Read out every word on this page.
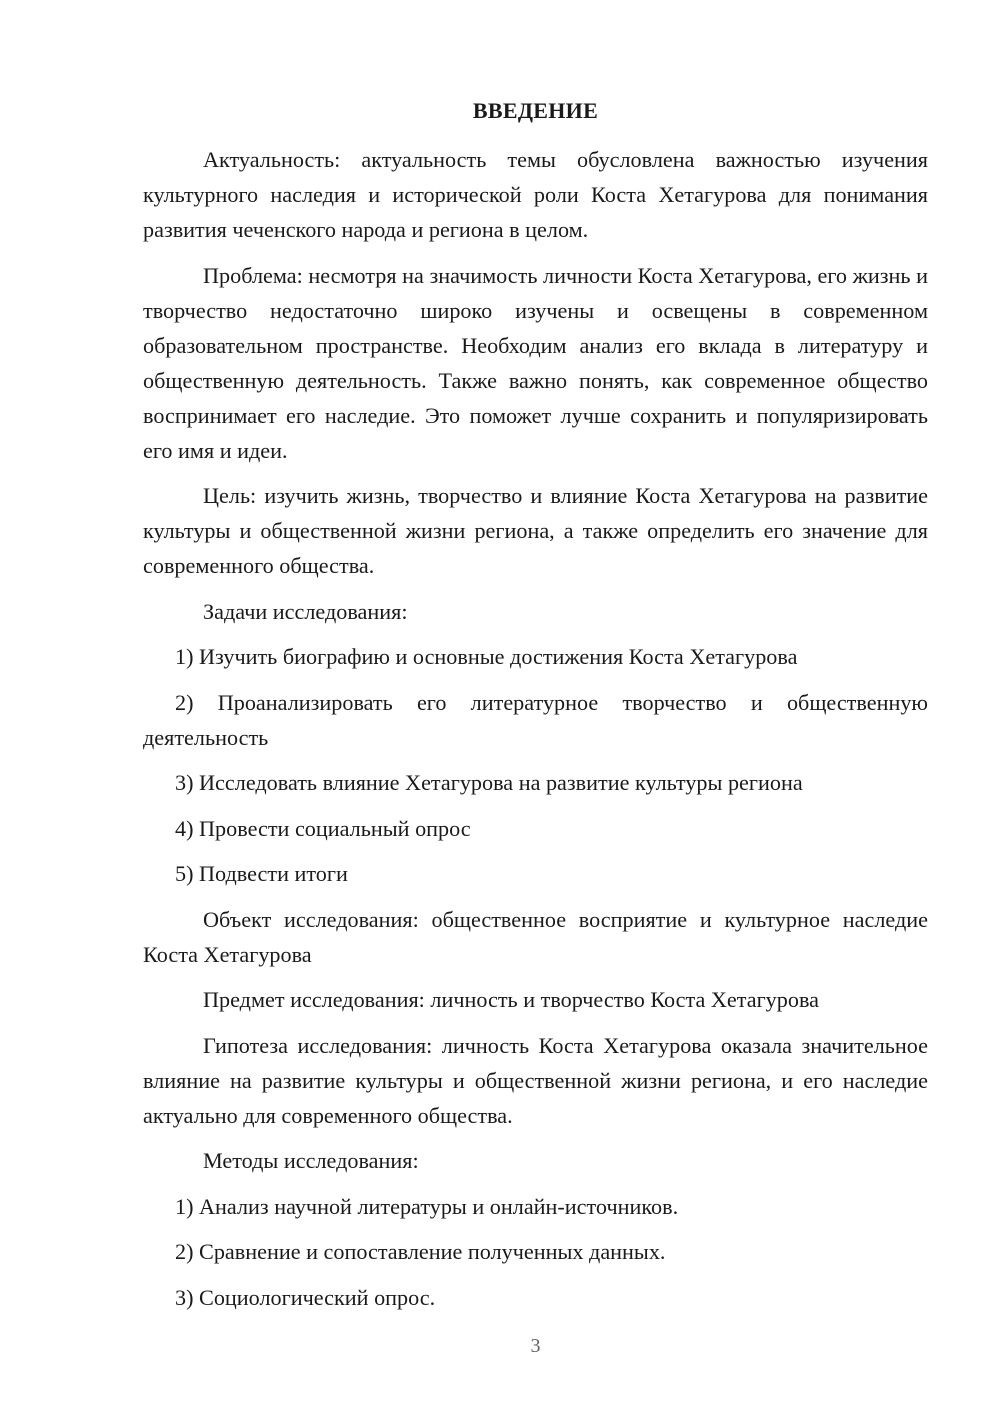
ВВЕДЕНИЕ

Актуальность: актуальность темы обусловлена важностью изучения культурного наследия и исторической роли Коста Хетагурова для понимания развития чеченского народа и региона в целом.

Проблема: несмотря на значимость личности Коста Хетагурова, его жизнь и творчество недостаточно широко изучены и освещены в современном образовательном пространстве. Необходим анализ его вклада в литературу и общественную деятельность. Также важно понять, как современное общество воспринимает его наследие. Это поможет лучше сохранить и популяризировать его имя и идеи.

Цель: изучить жизнь, творчество и влияние Коста Хетагурова на развитие культуры и общественной жизни региона, а также определить его значение для современного общества.

Задачи исследования:

1) Изучить биографию и основные достижения Коста Хетагурова

2) Проанализировать его литературное творчество и общественную деятельность

3) Исследовать влияние Хетагурова на развитие культуры региона

4) Провести социальный опрос

5) Подвести итоги

Объект исследования: общественное восприятие и культурное наследие Коста Хетагурова

Предмет исследования: личность и творчество Коста Хетагурова

Гипотеза исследования: личность Коста Хетагурова оказала значительное влияние на развитие культуры и общественной жизни региона, и его наследие актуально для современного общества.

Методы исследования:

1) Анализ научной литературы и онлайн-источников.

2) Сравнение и сопоставление полученных данных.

3) Социологический опрос.

3
